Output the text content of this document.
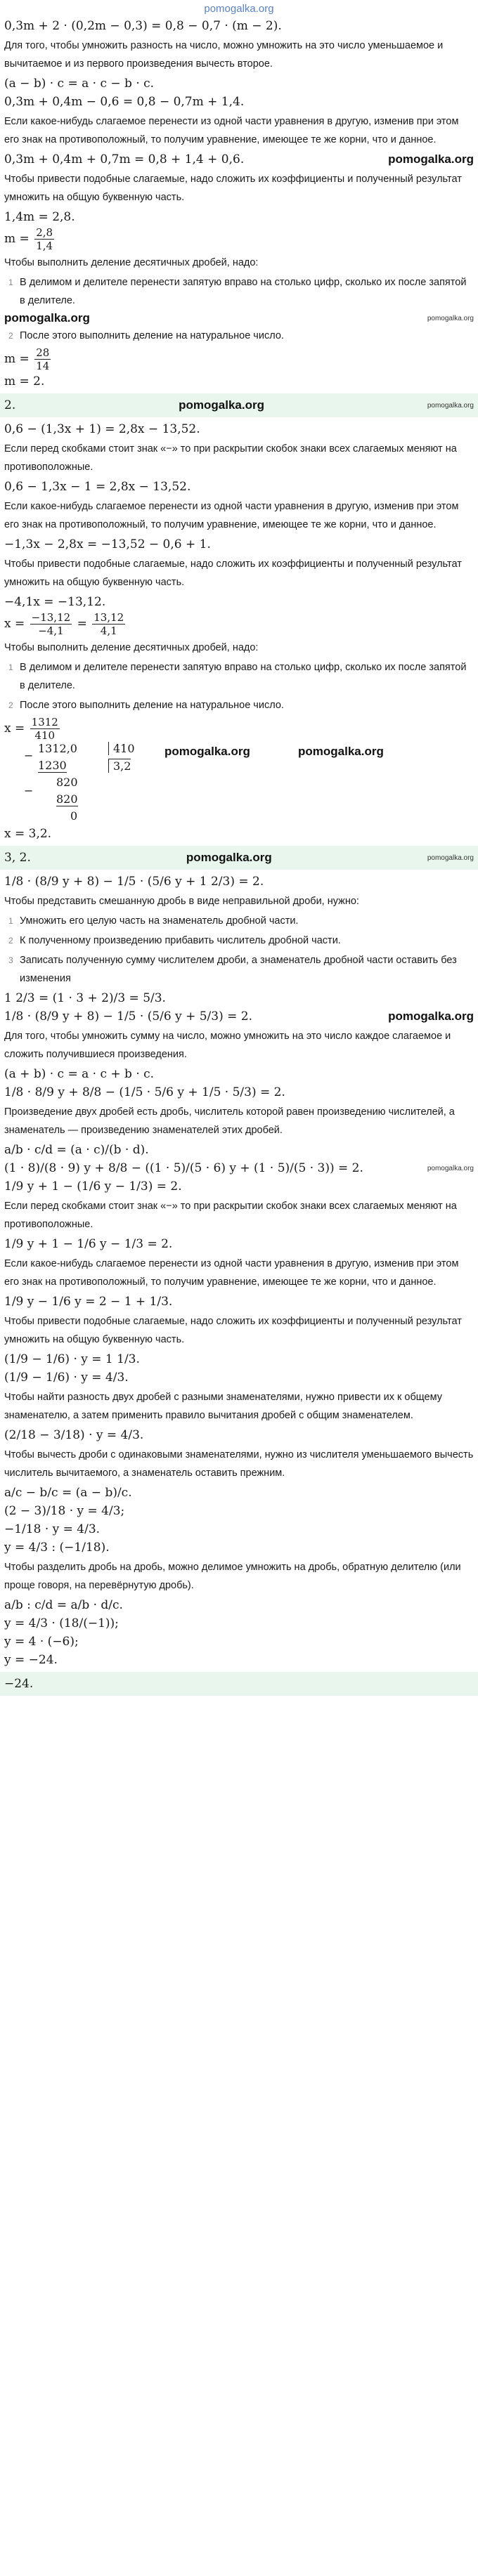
pomogalka.org
0,3m + 2 · (0,2m − 0,3) = 0,8 − 0,7 · (m − 2).
Для того, чтобы умножить разность на число, можно умножить на это число уменьшаемое и вычитаемое и из первого произведения вычесть второе.
(a − b) · c = a · c − b · c.
0,3m + 0,4m − 0,6 = 0,8 − 0,7m + 1,4.
Если какое-нибудь слагаемое перенести из одной части уравнения в другую, изменив при этом его знак на противоположный, то получим уравнение, имеющее те же корни, что и данное.
0,3m + 0,4m + 0,7m = 0,8 + 1,4 + 0,6.	pomogalka.org
Чтобы привести подобные слагаемые, надо сложить их коэффициенты и полученный результат умножить на общую буквенную часть.
1,4m = 2,8.
$m = \frac{2,8}{1,4}$
Чтобы выполнить деление десятичных дробей, надо:
1 В делимом и делителе перенести запятую вправо на столько цифр, сколько их после запятой в делителе.
pomogalka.org	pomogalka.org
2 После этого выполнить деление на натуральное число.
$m = \frac{28}{14}$
m = 2.
2.	pomogalka.org	pomogalka.org
0,6 − (1,3x + 1) = 2,8x − 13,52.
Если перед скобками стоит знак «−» то при раскрытии скобок знаки всех слагаемых меняют на противоположные.
0,6 − 1,3x − 1 = 2,8x − 13,52.
Если какое-нибудь слагаемое перенести из одной части уравнения в другую, изменив при этом его знак на противоположный, то получим уравнение, имеющее те же корни, что и данное.
−1,3x − 2,8x = −13,52 − 0,6 + 1.
Чтобы привести подобные слагаемые, надо сложить их коэффициенты и полученный результат умножить на общую буквенную часть.
−4,1x = −13,12.
$x = \frac{-13,12}{-4,1} = \frac{13,12}{4,1}$
Чтобы выполнить деление десятичных дробей, надо:
1 В делимом и делителе перенести запятую вправо на столько цифр, сколько их после запятой в делителе.
2 После этого выполнить деление на натуральное число.
$x = \frac{1312}{410}$
−
1312,0	410
3,2
1230
−
820
820
0
pomogalka.org	pomogalka.org
x = 3,2.
3, 2.	pomogalka.org	pomogalka.org
1/8 · (8/9 y + 8) − 1/5 · (5/6 y + 1 2/3) = 2.
Чтобы представить смешанную дробь в виде неправильной дроби, нужно:
1 Умножить его целую часть на знаменатель дробной части.
2 К полученному произведению прибавить числитель дробной части.
3 Записать полученную сумму числителем дроби, а знаменатель дробной части оставить без изменения
1 2/3 = (1 · 3 + 2)/3 = 5/3.
1/8 · (8/9 y + 8) − 1/5 · (5/6 y + 5/3) = 2.	pomogalka.org
Для того, чтобы умножить сумму на число, можно умножить на это число каждое слагаемое и сложить получившиеся произведения.
(a + b) · c = a · c + b · c.
1/8 · 8/9 y + 8/8 − (1/5 · 5/6 y + 1/5 · 5/3) = 2.
Произведение двух дробей есть дробь, числитель которой равен произведению числителей, а знаменатель — произведению знаменателей этих дробей.
a/b · c/d = (a · c)/(b · d).
(1 · 8)/(8 · 9) y + 8/8 − ((1 · 5)/(5 · 6) y + (1 · 5)/(5 · 3)) = 2.	pomogalka.org
1/9 y + 1 − (1/6 y − 1/3) = 2.
Если перед скобками стоит знак «−» то при раскрытии скобок знаки всех слагаемых меняют на противоположные.
1/9 y + 1 − 1/6 y − 1/3 = 2.
Если какое-нибудь слагаемое перенести из одной части уравнения в другую, изменив при этом его знак на противоположный, то получим уравнение, имеющее те же корни, что и данное.
1/9 y − 1/6 y = 2 − 1 + 1/3.
Чтобы привести подобные слагаемые, надо сложить их коэффициенты и полученный результат умножить на общую буквенную часть.
(1/9 − 1/6) · y = 1 1/3.
(1/9 − 1/6) · y = 4/3.
Чтобы найти разность двух дробей с разными знаменателями, нужно привести их к общему знаменателю, а затем применить правило вычитания дробей с общим знаменателем.
(2/18 − 3/18) · y = 4/3.
Чтобы вычесть дроби с одинаковыми знаменателями, нужно из числителя уменьшаемого вычесть числитель вычитаемого, а знаменатель оставить прежним.
a/c − b/c = (a − b)/c.
(2 − 3)/18 · y = 4/3;
−1/18 · y = 4/3.
y = 4/3 : (−1/18).
Чтобы разделить дробь на дробь, можно делимое умножить на дробь, обратную делителю (или проще говоря, на перевёрнутую дробь).
a/b : c/d = a/b · d/c.
y = 4/3 · (18/(−1));
y = 4 · (−6);
y = −24.
−24.
